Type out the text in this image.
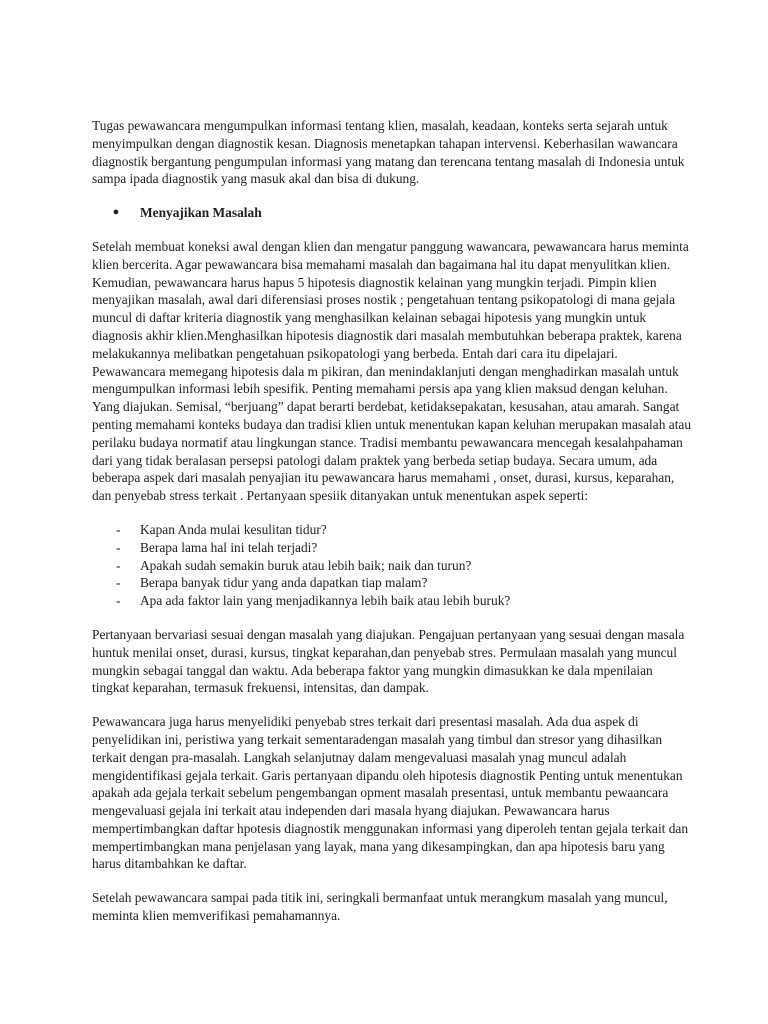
Tugas pewawancara mengumpulkan informasi tentang klien, masalah, keadaan, konteks serta sejarah untuk menyimpulkan dengan diagnostik kesan. Diagnosis menetapkan tahapan intervensi. Keberhasilan wawancara diagnostik bergantung pengumpulan informasi yang matang dan terencana tentang masalah di Indonesia untuk sampa ipada diagnostik yang masuk akal dan bisa di dukung.

●	Menyajikan Masalah

Setelah membuat koneksi awal dengan klien dan mengatur panggung wawancara, pewawancara harus meminta klien bercerita. Agar pewawancara bisa memahami masalah dan bagaimana hal itu dapat menyulitkan klien. Kemudian, pewawancara harus hapus 5 hipotesis diagnostik kelainan yang mungkin terjadi. Pimpin klien menyajikan masalah, awal dari diferensiasi proses nostik ; pengetahuan tentang psikopatologi di mana gejala muncul di daftar kriteria diagnostik yang menghasilkan kelainan sebagai hipotesis yang mungkin untuk diagnosis akhir klien.Menghasilkan hipotesis diagnostik dari masalah membutuhkan beberapa praktek, karena melakukannya melibatkan pengetahuan psikopatologi yang berbeda. Entah dari cara itu dipelajari. Pewawancara memegang hipotesis dala m pikiran, dan menindaklanjuti dengan menghadirkan masalah untuk mengumpulkan informasi lebih spesifik. Penting memahami persis apa yang klien maksud dengan keluhan. Yang diajukan. Semisal, “berjuang” dapat berarti berdebat, ketidaksepakatan, kesusahan, atau amarah. Sangat penting memahami konteks budaya dan tradisi klien untuk menentukan kapan keluhan merupakan masalah atau perilaku budaya normatif atau lingkungan stance. Tradisi membantu pewawancara mencegah kesalahpahaman dari yang tidak beralasan persepsi patologi dalam praktek yang berbeda setiap budaya. Secara umum, ada beberapa aspek dari masalah penyajian itu pewawancara harus memahami , onset, durasi, kursus, keparahan, dan penyebab stress terkait . Pertanyaan spesiik ditanyakan untuk menentukan aspek seperti:

-	Kapan Anda mulai kesulitan tidur?
-	Berapa lama hal ini telah terjadi?
-	Apakah sudah semakin buruk atau lebih baik; naik dan turun?
-	Berapa banyak tidur yang anda dapatkan tiap malam?
-	Apa ada faktor lain yang menjadikannya lebih baik atau lebih buruk?

Pertanyaan bervariasi sesuai dengan masalah yang diajukan. Pengajuan pertanyaan yang sesuai dengan masala huntuk menilai onset, durasi, kursus, tingkat keparahan,dan penyebab stres. Permulaan masalah yang muncul mungkin sebagai tanggal dan waktu. Ada beberapa faktor yang mungkin dimasukkan ke dala mpenilaian tingkat keparahan, termasuk frekuensi, intensitas, dan dampak.

Pewawancara juga harus menyelidiki penyebab stres terkait dari presentasi masalah. Ada dua aspek di penyelidikan ini, peristiwa yang terkait sementaradengan masalah yang timbul dan stresor yang dihasilkan terkait dengan pra-masalah. Langkah selanjutnay dalam mengevaluasi masalah ynag muncul adalah mengidentifikasi gejala terkait. Garis pertanyaan dipandu oleh hipotesis diagnostik Penting untuk menentukan apakah ada gejala terkait sebelum pengembangan opment masalah presentasi, untuk membantu pewaancara mengevaluasi gejala ini terkait atau independen dari masala hyang diajukan. Pewawancara harus mempertimbangkan daftar hpotesis diagnostik menggunakan informasi yang diperoleh tentan gejala terkait dan mempertimbangkan mana penjelasan yang layak, mana yang dikesampingkan, dan apa hipotesis baru yang harus ditambahkan ke daftar.

Setelah pewawancara sampai pada titik ini, seringkali bermanfaat untuk merangkum masalah yang muncul, meminta klien memverifikasi pemahamannya.
